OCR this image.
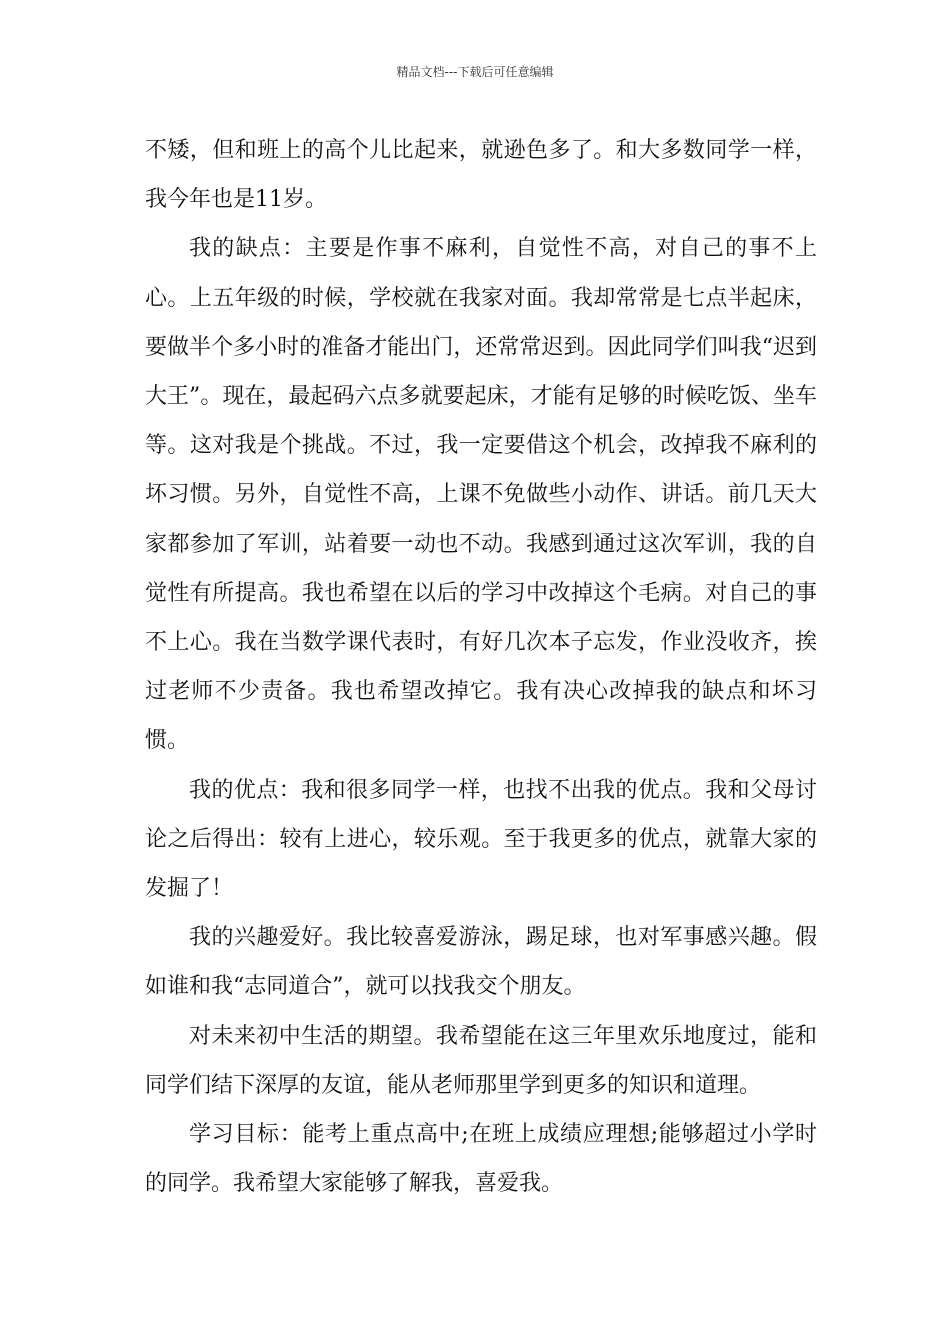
精品文档---下载后可任意编辑

不矮，但和班上的高个儿比起来，就逊色多了。和大多数同学一样，我今年也是11岁。

我的缺点：主要是作事不麻利，自觉性不高，对自己的事不上心。上五年级的时候，学校就在我家对面。我却常常是七点半起床，要做半个多小时的准备才能出门，还常常迟到。因此同学们叫我“迟到大王”。现在，最起码六点多就要起床，才能有足够的时候吃饭、坐车等。这对我是个挑战。不过，我一定要借这个机会，改掉我不麻利的坏习惯。另外，自觉性不高，上课不免做些小动作、讲话。前几天大家都参加了军训，站着要一动也不动。我感到通过这次军训，我的自觉性有所提高。我也希望在以后的学习中改掉这个毛病。对自己的事不上心。我在当数学课代表时，有好几次本子忘发，作业没收齐，挨过老师不少责备。我也希望改掉它。我有决心改掉我的缺点和坏习惯。

我的优点：我和很多同学一样，也找不出我的优点。我和父母讨论之后得出：较有上进心，较乐观。至于我更多的优点，就靠大家的发掘了！

我的兴趣爱好。我比较喜爱游泳，踢足球，也对军事感兴趣。假如谁和我“志同道合”，就可以找我交个朋友。

对未来初中生活的期望。我希望能在这三年里欢乐地度过，能和同学们结下深厚的友谊，能从老师那里学到更多的知识和道理。

学习目标：能考上重点高中;在班上成绩应理想;能够超过小学时的同学。我希望大家能够了解我，喜爱我。
